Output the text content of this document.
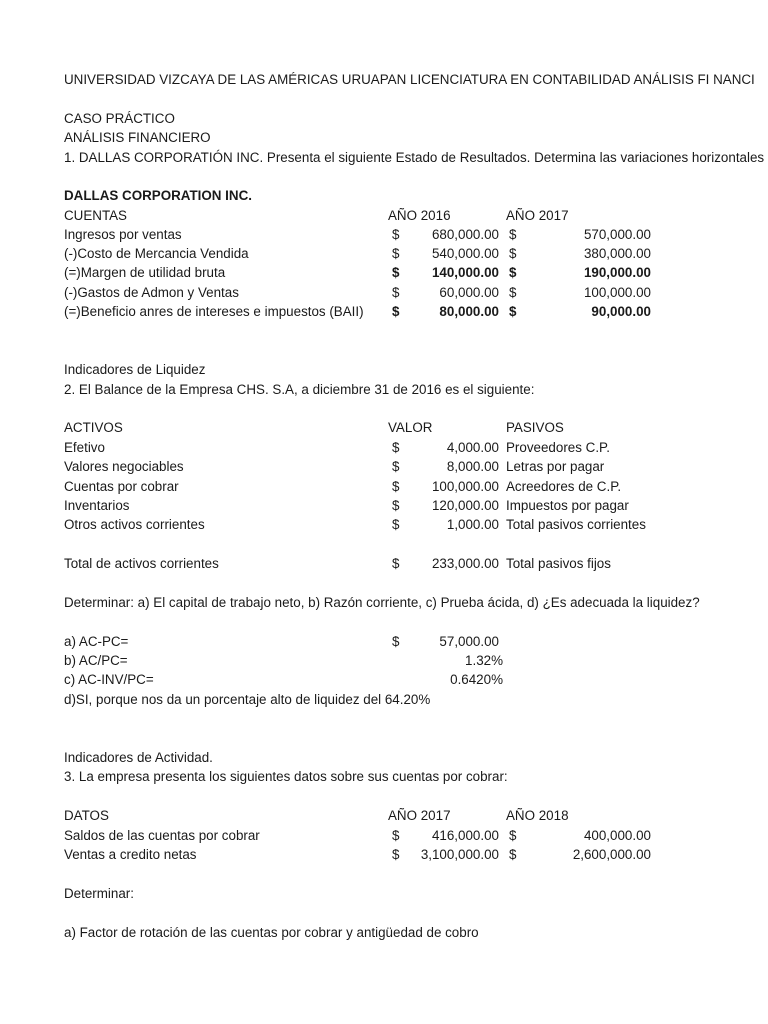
UNIVERSIDAD VIZCAYA DE LAS AMÉRICAS URUAPAN LICENCIATURA EN CONTABILIDAD ANÁLISIS FI NANCI
CASO PRÁCTICO
ANÁLISIS FINANCIERO
1. DALLAS CORPORATIÓN INC. Presenta el siguiente Estado de Resultados. Determina las variaciones horizontales
DALLAS CORPORATION INC.
CUENTAS	AÑO 2016	AÑO 2017
Ingresos por ventas	$	680,000.00 $	570,000.00
(-)Costo de Mercancia Vendida	$	540,000.00 $	380,000.00
(=)Margen de utilidad bruta	$	140,000.00 $	190,000.00
(-)Gastos de Admon y Ventas	$	60,000.00 $	100,000.00
(=)Beneficio anres de intereses e impuestos (BAII) $	80,000.00 $	90,000.00
Indicadores de Liquidez
2. El Balance de la Empresa CHS. S.A, a diciembre 31 de 2016 es el siguiente:
ACTIVOS	VALOR	PASIVOS
Efetivo	$	4,000.00 Proveedores C.P.
Valores negociables	$	8,000.00 Letras por pagar
Cuentas por cobrar	$	100,000.00 Acreedores de C.P.
Inventarios	$	120,000.00 Impuestos por pagar
Otros activos corrientes	$	1,000.00 Total pasivos corrientes
Total de activos corrientes	$	233,000.00 Total pasivos fijos
Determinar: a) El capital de trabajo neto, b) Razón corriente, c) Prueba ácida, d) ¿Es adecuada la liquidez?
a) AC-PC=	$	57,000.00
b) AC/PC=	1.32%
c) AC-INV/PC=	0.6420%
d)SI, porque nos da un porcentaje alto de liquidez del 64.20%
Indicadores de Actividad.
3. La empresa presenta los siguientes datos sobre sus cuentas por cobrar:
DATOS	AÑO 2017	AÑO 2018
Saldos de las cuentas por cobrar	$	416,000.00 $	400,000.00
Ventas a credito netas	$	3,100,000.00 $	2,600,000.00
Determinar:
a) Factor de rotación de las cuentas por cobrar y antigüedad de cobro
